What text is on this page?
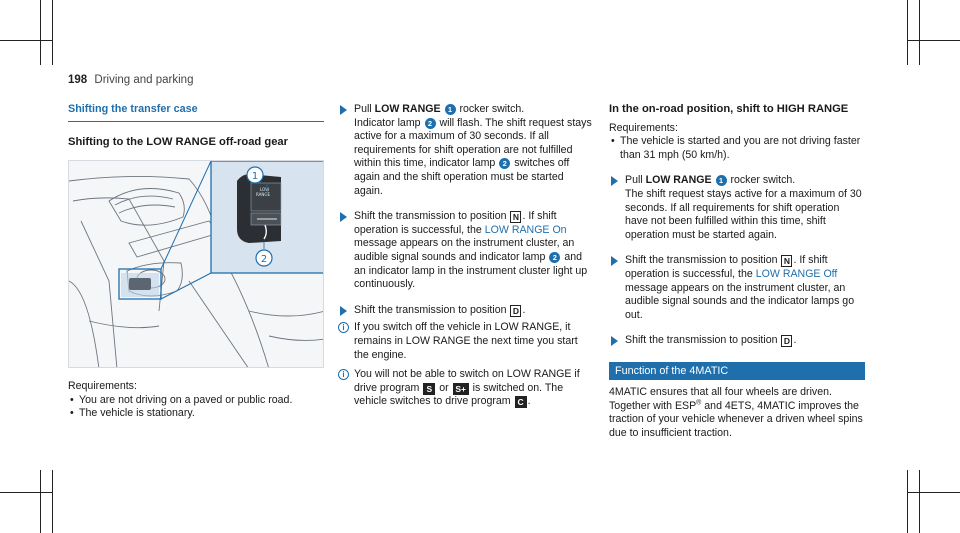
198 Driving and parking
Shifting the transfer case
Shifting to the LOW RANGE off-road gear
LOW
RANGE
1
2

Requirements:

• You are not driving on a paved or public road.

• The vehicle is stationary.

Pull LOW RANGE 1 rocker switch.
Indicator lamp 2 will flash. The shift request stays active for a maximum of 30 seconds. If all requirements for shift operation are not fulfilled within this time, indicator lamp 2 switches off again and the shift operation must be started again.
Shift the transmission to position N . If shift operation is successful, the LOW RANGE On message appears on the instrument cluster, an audible signal sounds and indicator lamp 2 and an indicator lamp in the instrument cluster light up continuously.
Shift the transmission to position D .
i If you switch off the vehicle in LOW RANGE, it remains in LOW RANGE the next time you start the engine.
i You will not be able to switch on LOW RANGE if drive program S or S+ is switched on. The vehicle switches to drive program C .
In the on-road position, shift to HIGH RANGE

Requirements:

• The vehicle is started and you are not driving faster than 31 mph (50 km/h).

Pull LOW RANGE 1 rocker switch.
The shift request stays active for a maximum of 30 seconds. If all requirements for shift operation have not been fulfilled within this time, shift operation must be started again.
Shift the transmission to position N . If shift operation is successful, the LOW RANGE Off message appears on the instrument cluster, an audible signal sounds and the indicator lamps go out.
Shift the transmission to position D .
Function of the 4MATIC

4MATIC ensures that all four wheels are driven.

Together with ESP® and 4ETS, 4MATIC improves the traction of your vehicle whenever a driven wheel spins due to insufficient traction.
